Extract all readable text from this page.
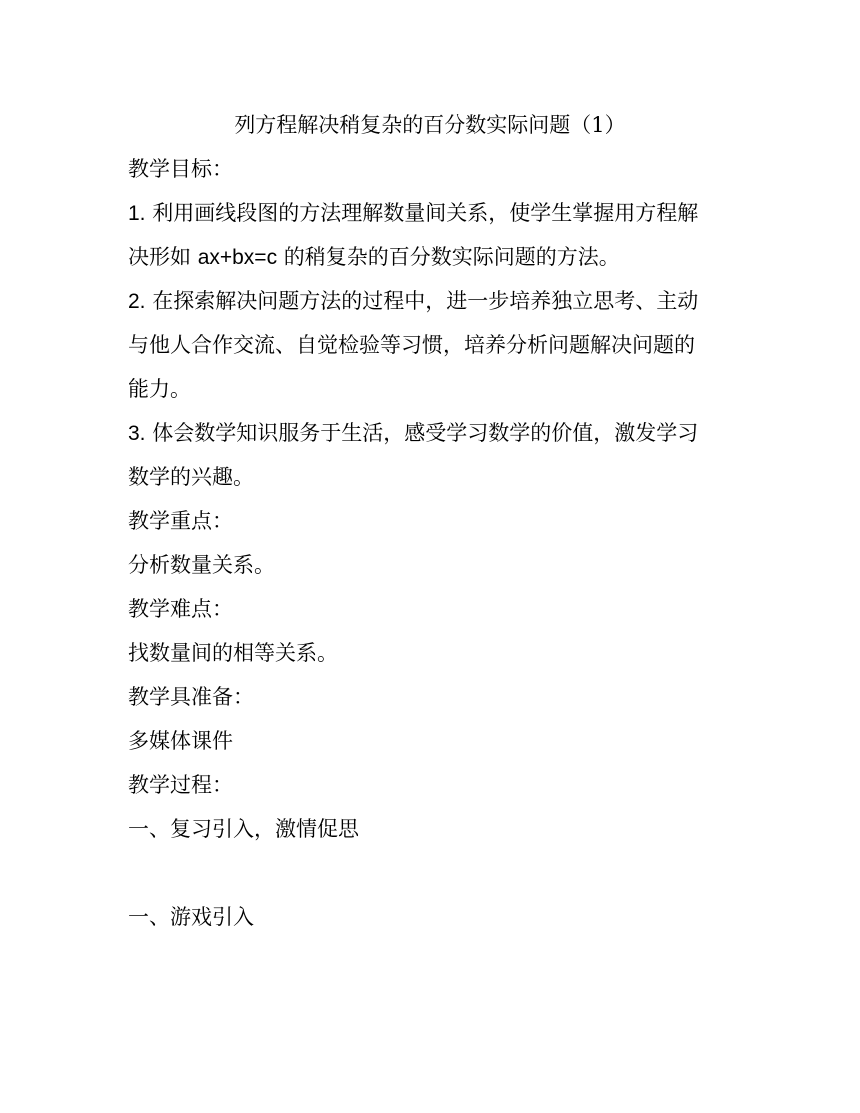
列方程解决稍复杂的百分数实际问题（1）
教学目标：
1. 利用画线段图的方法理解数量间关系，使学生掌握用方程解
决形如 ax+bx=c 的稍复杂的百分数实际问题的方法。
2. 在探索解决问题方法的过程中，进一步培养独立思考、主动
与他人合作交流、自觉检验等习惯，培养分析问题解决问题的
能力。
3. 体会数学知识服务于生活，感受学习数学的价值，激发学习
数学的兴趣。
教学重点：
分析数量关系。
教学难点：
找数量间的相等关系。
教学具准备：
多媒体课件
教学过程：
一、复习引入，激情促思
一、游戏引入
